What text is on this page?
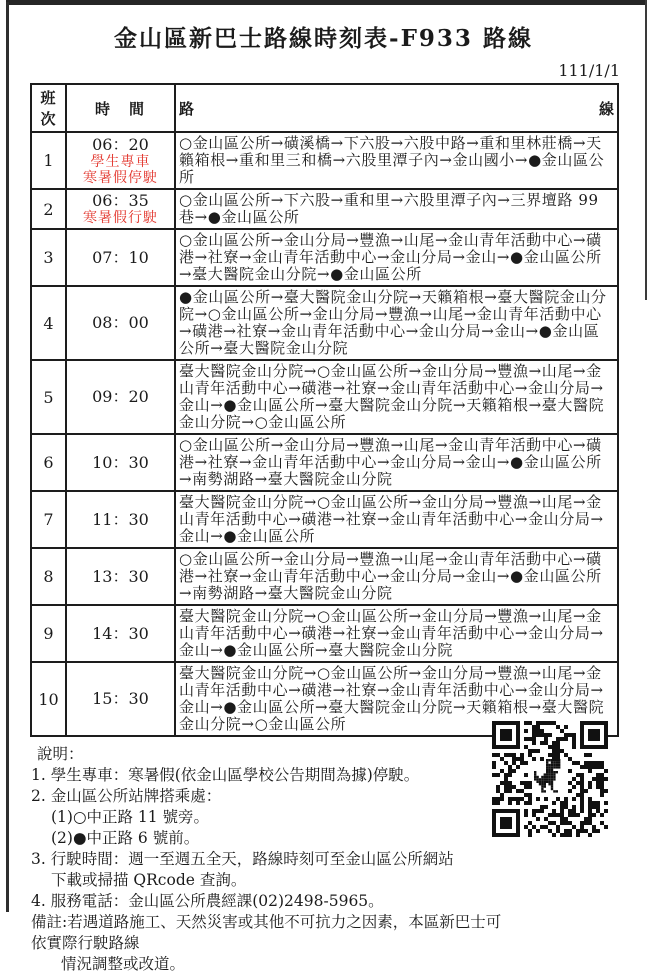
金山區新巴士路線時刻表-F933 路線
111/1/1
班次	時　間	路 線

1	06：20
學生專車
寒暑假停駛	○金山區公所→磺溪橋→下六股→六股中路→重和里林莊橋→天籟箱根→重和里三和橋→六股里潭子內→金山國小→●金山區公所
2	06：35
寒暑假行駛	○金山區公所→下六股→重和里→六股里潭子內→三界壇路 99 巷→●金山區公所
3	07：10	○金山區公所→金山分局→豐漁→山尾→金山青年活動中心→磺港→社寮→金山青年活動中心→金山分局→金山→●金山區公所→臺大醫院金山分院→●金山區公所
4	08：00	●金山區公所→臺大醫院金山分院→天籟箱根→臺大醫院金山分院→○金山區公所→金山分局→豐漁→山尾→金山青年活動中心→磺港→社寮→金山青年活動中心→金山分局→金山→●金山區公所→臺大醫院金山分院
5	09：20	臺大醫院金山分院→○金山區公所→金山分局→豐漁→山尾→金山青年活動中心→磺港→社寮→金山青年活動中心→金山分局→金山→●金山區公所→臺大醫院金山分院→天籟箱根→臺大醫院金山分院→○金山區公所
6	10：30	○金山區公所→金山分局→豐漁→山尾→金山青年活動中心→磺港→社寮→金山青年活動中心→金山分局→金山→●金山區公所→南勢湖路→臺大醫院金山分院
7	11：30	臺大醫院金山分院→○金山區公所→金山分局→豐漁→山尾→金山青年活動中心→磺港→社寮→金山青年活動中心→金山分局→金山→●金山區公所
8	13：30	○金山區公所→金山分局→豐漁→山尾→金山青年活動中心→磺港→社寮→金山青年活動中心→金山分局→金山→●金山區公所→南勢湖路→臺大醫院金山分院
9	14：30	臺大醫院金山分院→○金山區公所→金山分局→豐漁→山尾→金山青年活動中心→磺港→社寮→金山青年活動中心→金山分局→金山→●金山區公所→臺大醫院金山分院
10	15：30	臺大醫院金山分院→○金山區公所→金山分局→豐漁→山尾→金山青年活動中心→磺港→社寮→金山青年活動中心→金山分局→金山→●金山區公所→臺大醫院金山分院→天籟箱根→臺大醫院金山分院→○金山區公所
說明：
1. 學生專車：寒暑假(依金山區學校公告期間為據)停駛。
2. 金山區公所站牌搭乘處：
(1)○中正路 11 號旁。
(2)●中正路 6 號前。
3. 行駛時間：週一至週五全天，路線時刻可至金山區公所網站
下載或掃描 QRcode 查詢。
4. 服務電話：金山區公所農經課(02)2498-5965。
備註:若遇道路施工、天然災害或其他不可抗力之因素，本區新巴士可依實際行駛路線
情況調整或改道。
